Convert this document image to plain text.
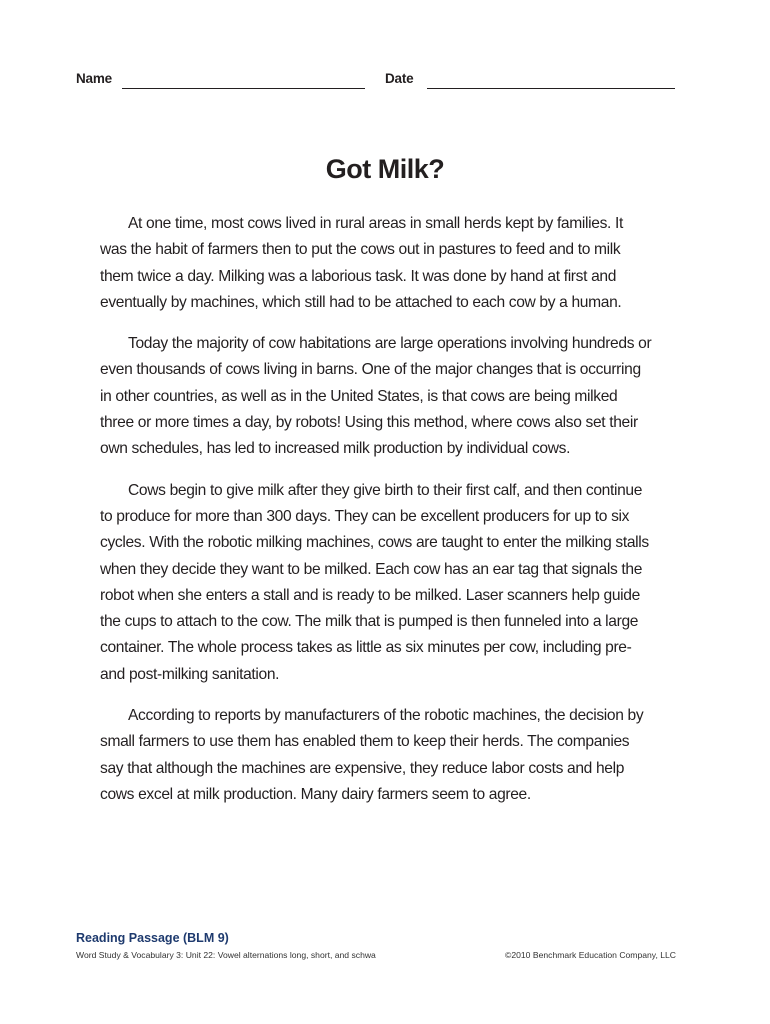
Name	Date
Got Milk?

At one time, most cows lived in rural areas in small herds kept by families. It was the habit of farmers then to put the cows out in pastures to feed and to milk them twice a day. Milking was a laborious task. It was done by hand at first and eventually by machines, which still had to be attached to each cow by a human.

Today the majority of cow habitations are large operations involving hundreds or even thousands of cows living in barns. One of the major changes that is occurring in other countries, as well as in the United States, is that cows are being milked three or more times a day, by robots! Using this method, where cows also set their own schedules, has led to increased milk production by individual cows.

Cows begin to give milk after they give birth to their first calf, and then continue to produce for more than 300 days. They can be excellent producers for up to six cycles. With the robotic milking machines, cows are taught to enter the milking stalls when they decide they want to be milked. Each cow has an ear tag that signals the robot when she enters a stall and is ready to be milked. Laser scanners help guide the cups to attach to the cow. The milk that is pumped is then funneled into a large container. The whole process takes as little as six minutes per cow, including pre- and post-milking sanitation.

According to reports by manufacturers of the robotic machines, the decision by small farmers to use them has enabled them to keep their herds. The companies say that although the machines are expensive, they reduce labor costs and help cows excel at milk production. Many dairy farmers seem to agree.

Reading Passage (BLM 9)
Word Study & Vocabulary 3: Unit 22: Vowel alternations long, short, and schwa	©2010 Benchmark Education Company, LLC
